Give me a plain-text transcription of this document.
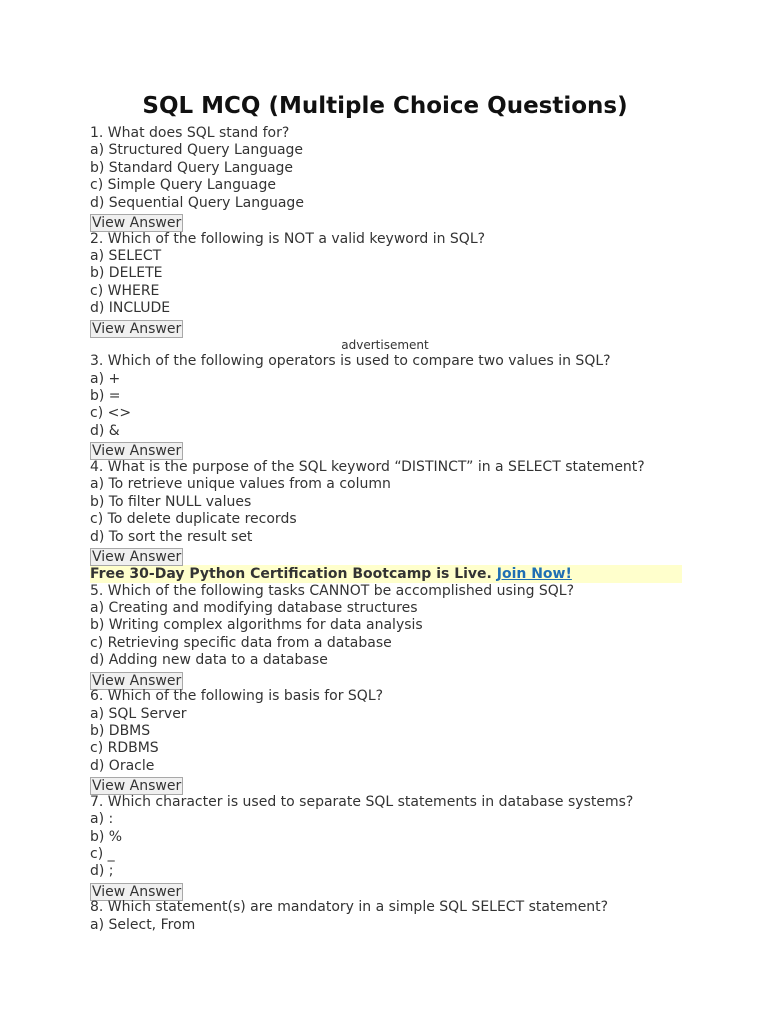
SQL MCQ (Multiple Choice Questions)
1. What does SQL stand for?
a) Structured Query Language
b) Standard Query Language
c) Simple Query Language
d) Sequential Query Language
View Answer
2. Which of the following is NOT a valid keyword in SQL?
a) SELECT
b) DELETE
c) WHERE
d) INCLUDE
View Answer
advertisement
3. Which of the following operators is used to compare two values in SQL?
a) +
b) =
c) <>
d) &
View Answer
4. What is the purpose of the SQL keyword “DISTINCT” in a SELECT statement?
a) To retrieve unique values from a column
b) To filter NULL values
c) To delete duplicate records
d) To sort the result set
View Answer
Free 30-Day Python Certification Bootcamp is Live. Join Now!
5. Which of the following tasks CANNOT be accomplished using SQL?
a) Creating and modifying database structures
b) Writing complex algorithms for data analysis
c) Retrieving specific data from a database
d) Adding new data to a database
View Answer
6. Which of the following is basis for SQL?
a) SQL Server
b) DBMS
c) RDBMS
d) Oracle
View Answer
7. Which character is used to separate SQL statements in database systems?
a) :
b) %
c) _
d) ;
View Answer
8. Which statement(s) are mandatory in a simple SQL SELECT statement?
a) Select, From
